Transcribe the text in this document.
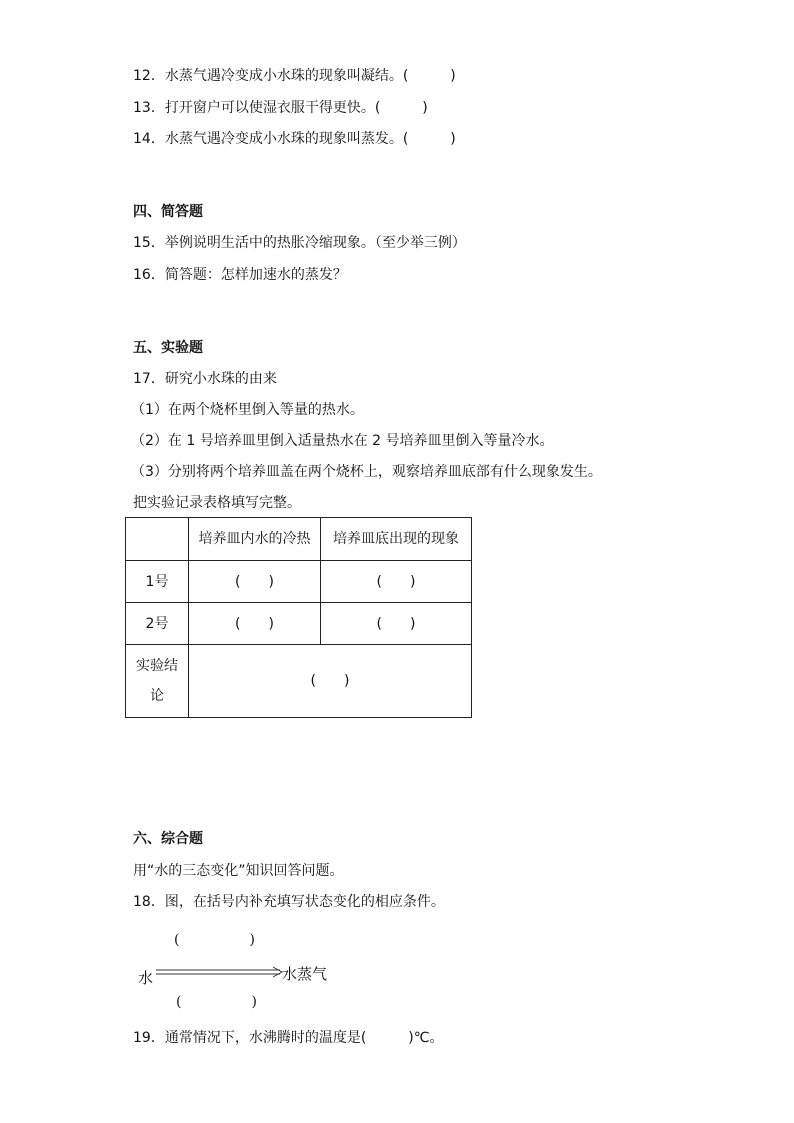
12．水蒸气遇冷变成小水珠的现象叫凝结。(　　　)
13．打开窗户可以使湿衣服干得更快。(　　　)
14．水蒸气遇冷变成小水珠的现象叫蒸发。(　　　)
四、简答题
15．举例说明生活中的热胀冷缩现象。（至少举三例）
16．简答题：怎样加速水的蒸发？
五、实验题
17．研究小水珠的由来
（1）在两个烧杯里倒入等量的热水。
（2）在 1 号培养皿里倒入适量热水在 2 号培养皿里倒入等量冷水。
（3）分别将两个培养皿盖在两个烧杯上，观察培养皿底部有什么现象发生。
把实验记录表格填写完整。
	培养皿内水的冷热	培养皿底出现的现象
1号	(　　)	(　　)
2号	(　　)	(　　)

实验结
论	(　　)	
六、综合题
用“水的三态变化”知识回答问题。
18．图，在括号内补充填写状态变化的相应条件。
(　　　　　)
水	水蒸气
(　　　　　)
19．通常情况下，水沸腾时的温度是(　　　)℃。
